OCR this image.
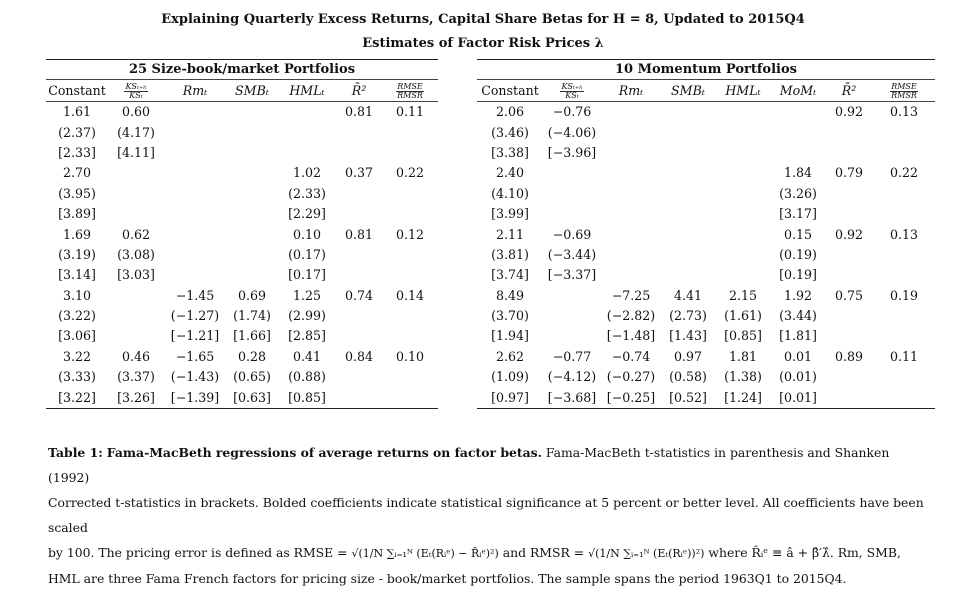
Explaining Quarterly Excess Returns, Capital Share Betas for H = 8, Updated to 2015Q4
Estimates of Factor Risk Prices λ
25 Size-book/market Portfolios						
Constant	$\frac{\text{KSₜ₊ₕ}}{\text{KSₜ}}$	Rmₜ	SMBₜ	HMLₜ	R̄²	$\frac{\text{RMSE}}{\text{RMSR}}$

1.61	0.60				0.81	0.11
(2.37)	(4.17)					
[2.33]	[4.11]					
2.70				1.02	0.37	0.22
(3.95)				(2.33)		
[3.89]				[2.29]		
1.69	0.62			0.10	0.81	0.12
(3.19)	(3.08)			(0.17)		
[3.14]	[3.03]			[0.17]		
3.10		−1.45	0.69	1.25	0.74	0.14
(3.22)		(−1.27)	(1.74)	(2.99)		
[3.06]		[−1.21]	[1.66]	[2.85]		
3.22	0.46	−1.65	0.28	0.41	0.84	0.10
(3.33)	(3.37)	(−1.43)	(0.65)	(0.88)		
[3.22]	[3.26]	[−1.39]	[0.63]	[0.85]		
10 Momentum Portfolios							
Constant	$\frac{\text{KSₜ₊ₕ}}{\text{KSₜ}}$	Rmₜ	SMBₜ	HMLₜ	MoMₜ	R̄²	$\frac{\text{RMSE}}{\text{RMSR}}$

2.06	−0.76					0.92	0.13
(3.46)	(−4.06)						
[3.38]	[−3.96]						
2.40					1.84	0.79	0.22
(4.10)					(3.26)		
[3.99]					[3.17]		
2.11	−0.69				0.15	0.92	0.13
(3.81)	(−3.44)				(0.19)		
[3.74]	[−3.37]				[0.19]		
8.49		−7.25	4.41	2.15	1.92	0.75	0.19
(3.70)		(−2.82)	(2.73)	(1.61)	(3.44)		
[1.94]		[−1.48]	[1.43]	[0.85]	[1.81]		
2.62	−0.77	−0.74	0.97	1.81	0.01	0.89	0.11
(1.09)	(−4.12)	(−0.27)	(0.58)	(1.38)	(0.01)		
[0.97]	[−3.68]	[−0.25]	[0.52]	[1.24]	[0.01]		
Table 1: Fama-MacBeth regressions of average returns on factor betas. Fama-MacBeth t-statistics in parenthesis and Shanken (1992)
Corrected t-statistics in brackets. Bolded coefficients indicate statistical significance at 5 percent or better level. All coefficients have been scaled
by 100. The pricing error is defined as RMSE = √(1/N ∑ᵢ₌₁ᴺ (Eₜ(Rᵢᵉ) − R̂ᵢᵉ)²) and RMSR = √(1/N ∑ᵢ₌₁ᴺ (Eₜ(Rᵢᵉ))²) where R̂ᵢᵉ ≡ â + β̂′λ̂. Rm, SMB,
HML are three Fama French factors for pricing size - book/market portfolios. The sample spans the period 1963Q1 to 2015Q4.
